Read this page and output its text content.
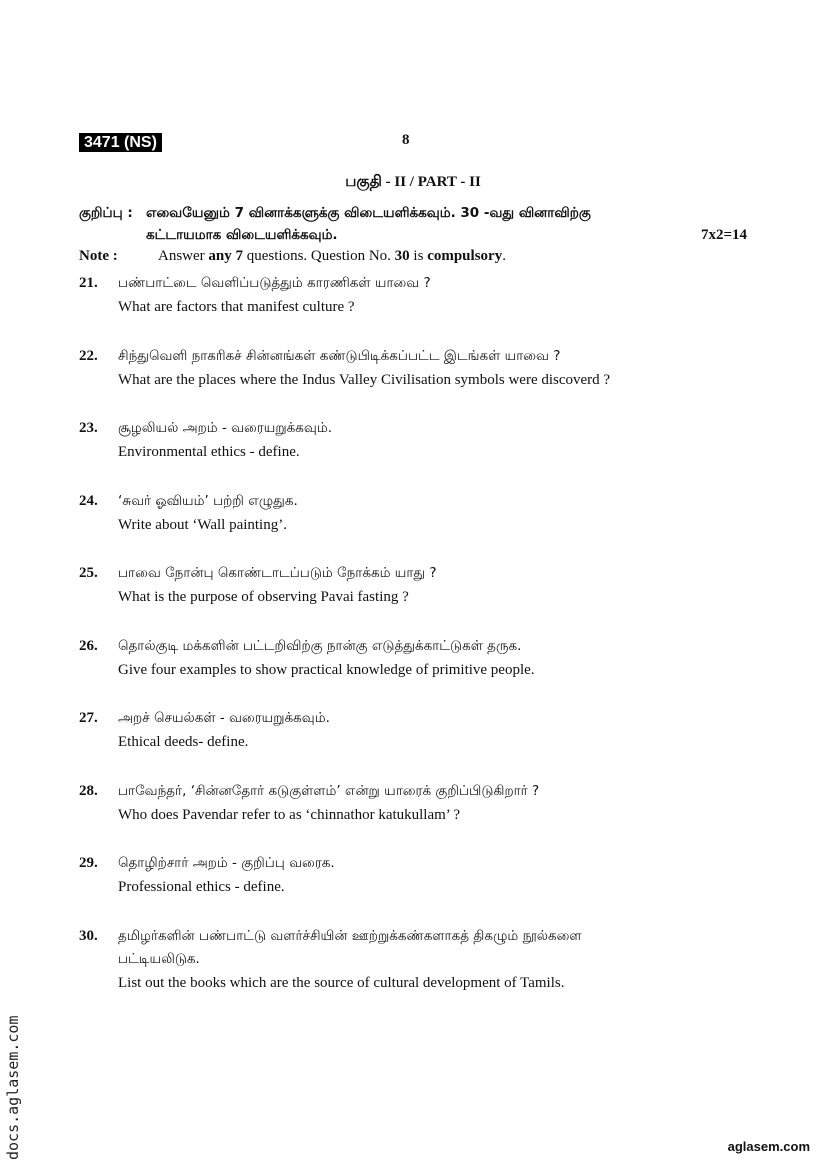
3471 (NS)	8
பகுதி - II / PART - II
குறிப்பு : எவையேனும் 7 வினாக்களுக்கு விடையளிக்கவும். 30 -வது வினாவிற்கு
கட்டாயமாக விடையளிக்கவும்.	7x2=14
Note :	Answer any 7 questions. Question No. 30 is compulsory.
21. பண்பாட்டை வெளிப்படுத்தும் காரணிகள் யாவை ?
What are factors that manifest culture ?
22. சிந்துவெளி நாகரிகச் சின்னங்கள் கண்டுபிடிக்கப்பட்ட இடங்கள் யாவை ?
What are the places where the Indus Valley Civilisation symbols were discoverd ?
23. சூழலியல் அறம் - வரையறுக்கவும்.
Environmental ethics - define.
24. ‘சுவர் ஓவியம்’ பற்றி எழுதுக.
Write about ‘Wall painting’.
25. பாவை நோன்பு கொண்டாடப்படும் நோக்கம் யாது ?
What is the purpose of observing Pavai fasting ?
26. தொல்குடி மக்களின் பட்டறிவிற்கு நான்கு எடுத்துக்காட்டுகள் தருக.
Give four examples to show practical knowledge of primitive people.
27. அறச் செயல்கள் - வரையறுக்கவும்.
Ethical deeds- define.
28. பாவேந்தர், ‘சின்னதோர் கடுகுள்ளம்’ என்று யாரைக் குறிப்பிடுகிறார் ?
Who does Pavendar refer to as ‘chinnathor katukullam’ ?
29. தொழிற்சார் அறம் - குறிப்பு வரைக.
Professional ethics - define.
30. தமிழர்களின் பண்பாட்டு வளர்ச்சியின் ஊற்றுக்கண்களாகத் திகழும் நூல்களை
பட்டியலிடுக.
List out the books which are the source of cultural development of Tamils.
docs.aglasem.com	aglasem.com
